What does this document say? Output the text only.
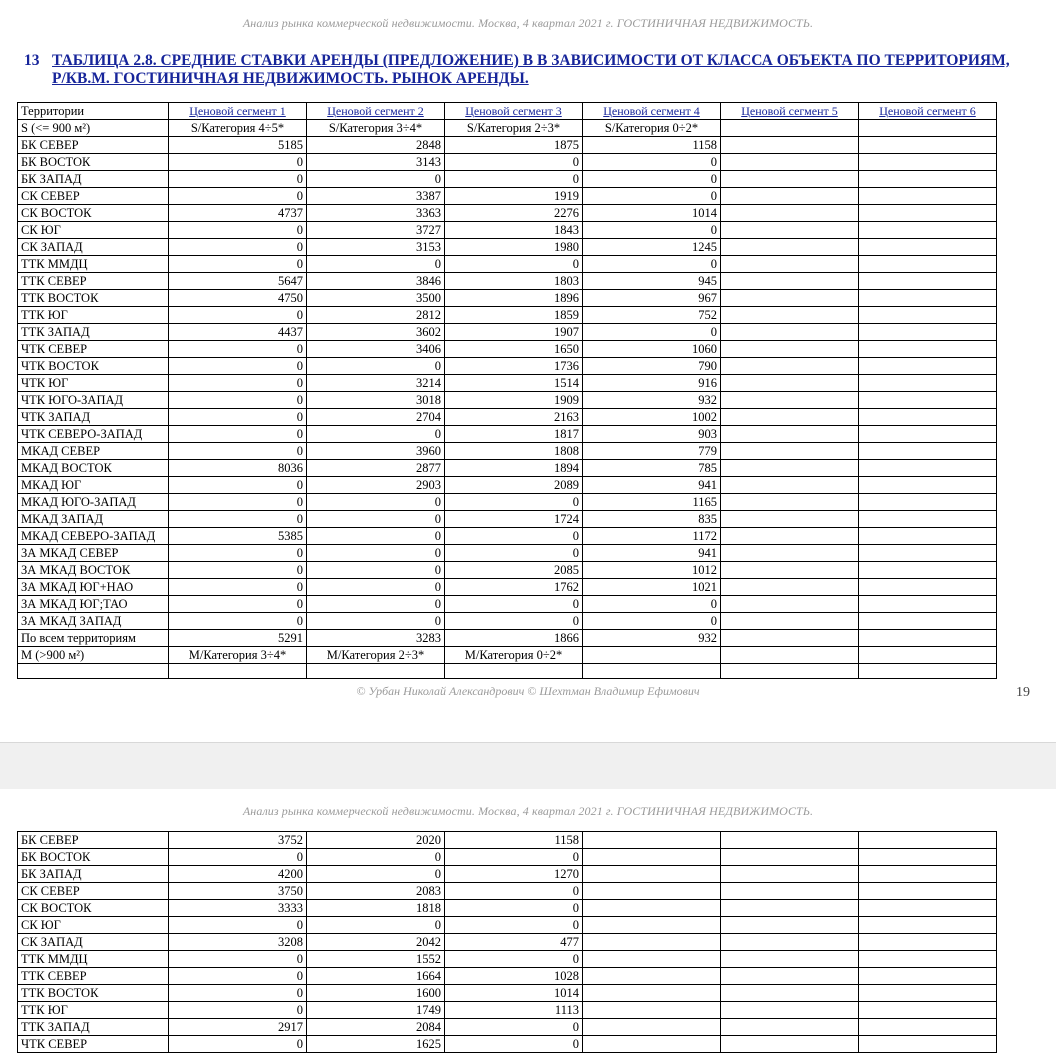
Анализ рынка коммерческой недвижимости. Москва, 4 квартал 2021 г. ГОСТИНИЧНАЯ НЕДВИЖИМОСТЬ.
13 ТАБЛИЦА 2.8. СРЕДНИЕ СТАВКИ АРЕНДЫ (ПРЕДЛОЖЕНИЕ) В В ЗАВИСИМОСТИ ОТ КЛАССА ОБЪЕКТА ПО ТЕРРИТОРИЯМ,
Р/КВ.М. ГОСТИНИЧНАЯ НЕДВИЖИМОСТЬ. РЫНОК АРЕНДЫ.
Территории	Ценовой сегмент 1	Ценовой сегмент 2	Ценовой сегмент 3	Ценовой сегмент 4	Ценовой сегмент 5	Ценовой сегмент 6
S (<= 900 м²)	S/Категория 4÷5*	S/Категория 3÷4*	S/Категория 2÷3*	S/Категория 0÷2*		
БК СЕВЕР	5185	2848	1875	1158		
БК ВОСТОК	0	3143	0	0		
БК ЗАПАД	0	0	0	0		
СК СЕВЕР	0	3387	1919	0		
СК ВОСТОК	4737	3363	2276	1014		
СК ЮГ	0	3727	1843	0		
СК ЗАПАД	0	3153	1980	1245		
ТТК ММДЦ	0	0	0	0		
ТТК СЕВЕР	5647	3846	1803	945		
ТТК ВОСТОК	4750	3500	1896	967		
ТТК ЮГ	0	2812	1859	752		
ТТК ЗАПАД	4437	3602	1907	0		
ЧТК СЕВЕР	0	3406	1650	1060		
ЧТК ВОСТОК	0	0	1736	790		
ЧТК ЮГ	0	3214	1514	916		
ЧТК ЮГО-ЗАПАД	0	3018	1909	932		
ЧТК ЗАПАД	0	2704	2163	1002		
ЧТК СЕВЕРО-ЗАПАД	0	0	1817	903		
МКАД СЕВЕР	0	3960	1808	779		
МКАД ВОСТОК	8036	2877	1894	785		
МКАД ЮГ	0	2903	2089	941		
МКАД ЮГО-ЗАПАД	0	0	0	1165		
МКАД ЗАПАД	0	0	1724	835		
МКАД СЕВЕРО-ЗАПАД	5385	0	0	1172		
ЗА МКАД СЕВЕР	0	0	0	941		
ЗА МКАД ВОСТОК	0	0	2085	1012		
ЗА МКАД ЮГ+НАО	0	0	1762	1021		
ЗА МКАД ЮГ;ТАО	0	0	0	0		
ЗА МКАД ЗАПАД	0	0	0	0		
По всем территориям	5291	3283	1866	932		
М (>900 м²)	М/Категория 3÷4*	М/Категория 2÷3*	М/Категория 0÷2*			

© Урбан Николай Александрович © Шехтман Владимир Ефимович	19
Анализ рынка коммерческой недвижимости. Москва, 4 квартал 2021 г. ГОСТИНИЧНАЯ НЕДВИЖИМОСТЬ.
БК СЕВЕР	3752	2020	1158			
БК ВОСТОК	0	0	0			
БК ЗАПАД	4200	0	1270			
СК СЕВЕР	3750	2083	0			
СК ВОСТОК	3333	1818	0			
СК ЮГ	0	0	0			
СК ЗАПАД	3208	2042	477			
ТТК ММДЦ	0	1552	0			
ТТК СЕВЕР	0	1664	1028			
ТТК ВОСТОК	0	1600	1014			
ТТК ЮГ	0	1749	1113			
ТТК ЗАПАД	2917	2084	0			
ЧТК СЕВЕР	0	1625	0			
